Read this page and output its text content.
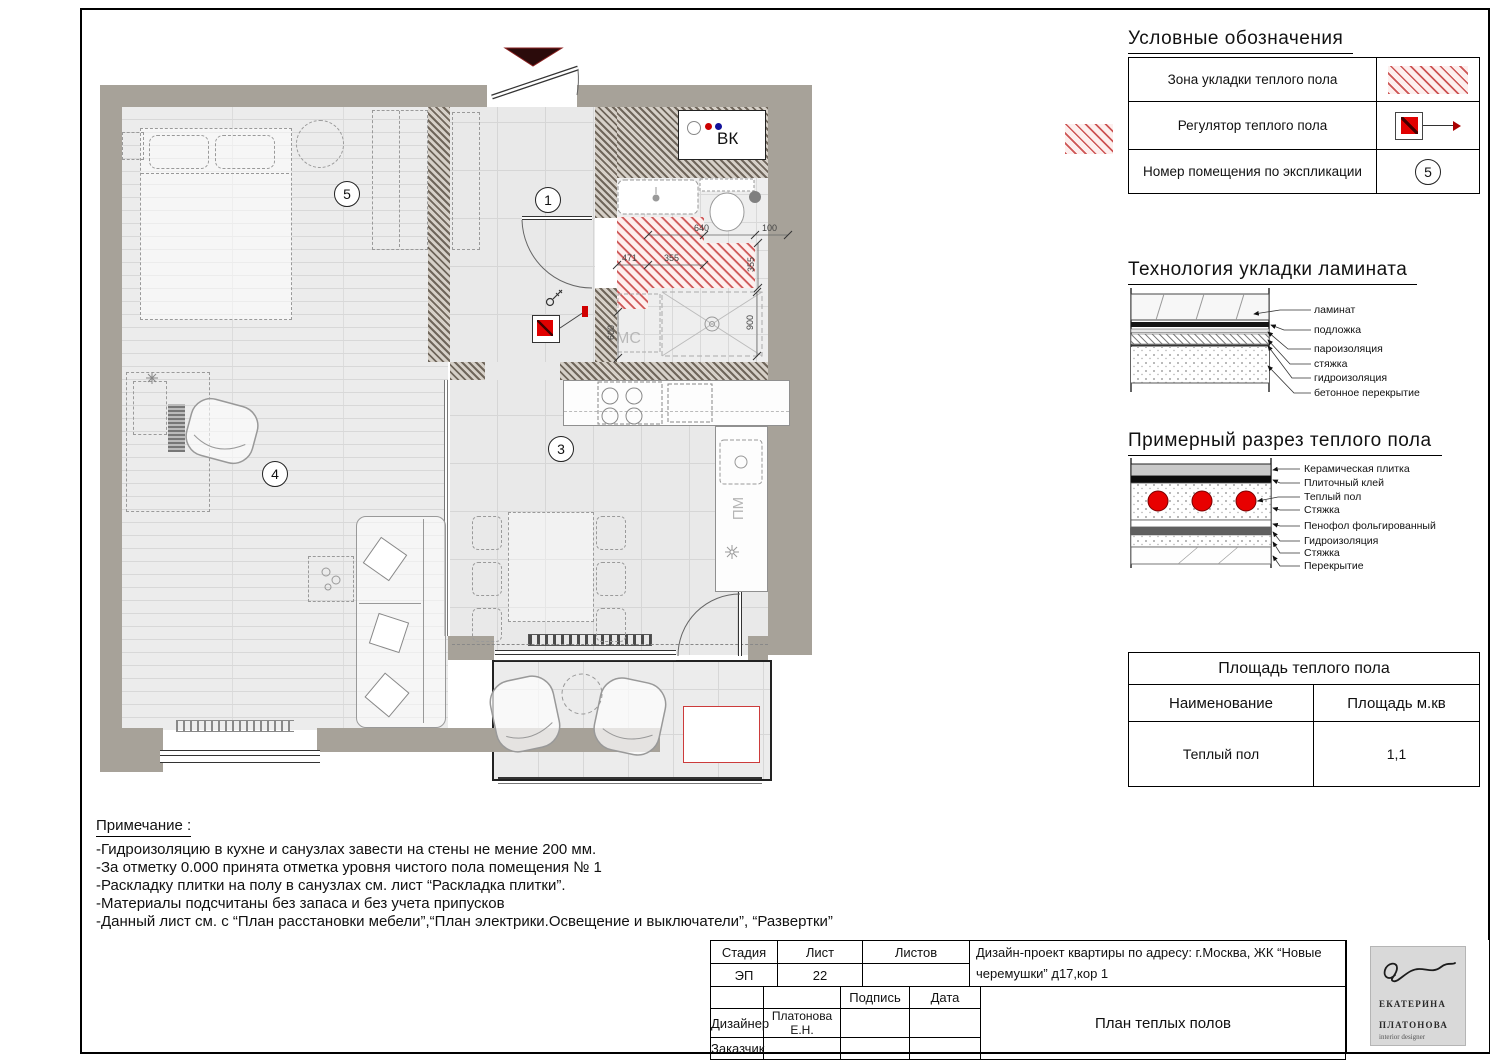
ВК
ПМ
1
3
4
5
МС
640	100
471	355	355
600
900
Условные обозначения
Зона укладки теплого пола
Регулятор теплого пола
Номер помещения по экспликации	5
Технология укладки ламината
ламинат
подложка
пароизоляция
стяжка
гидроизоляция
бетонное перекрытие
Примерный разрез теплого пола
Керамическая плитка
Плиточный клей
Теплый пол
Стяжка
Пенофол фольгированный
Гидроизоляция
Стяжка
Перекрытие
Площадь теплого пола
Наименование	Площадь м.кв
Теплый пол	1,1
Примечание :
-Гидроизоляцию в кухне и санузлах завести на стены не мение 200 мм.
-За отметку 0.000 принята отметка уровня чистого пола помещения № 1
-Раскладку плитки на полу в санузлах см. лист “Раскладка плитки”.
-Материалы подсчитаны без запаса и без учета припусков
-Данный лист см. с “План расстановки мебели”,“План электрики.Освещение и выключатели”, “Развертки”
Стадия	Лист	Листов	Дизайн-проект квартиры по адресу: г.Москва, ЖК “Новые черемушки” д17,кор 1
ЭП	22		
		Подпись	Дата	План теплых полов
Дизайнер	Платонова Е.Н.			
Заказчик				
ЕКАТЕРИНА
ПЛАТОНОВА
interior designer
